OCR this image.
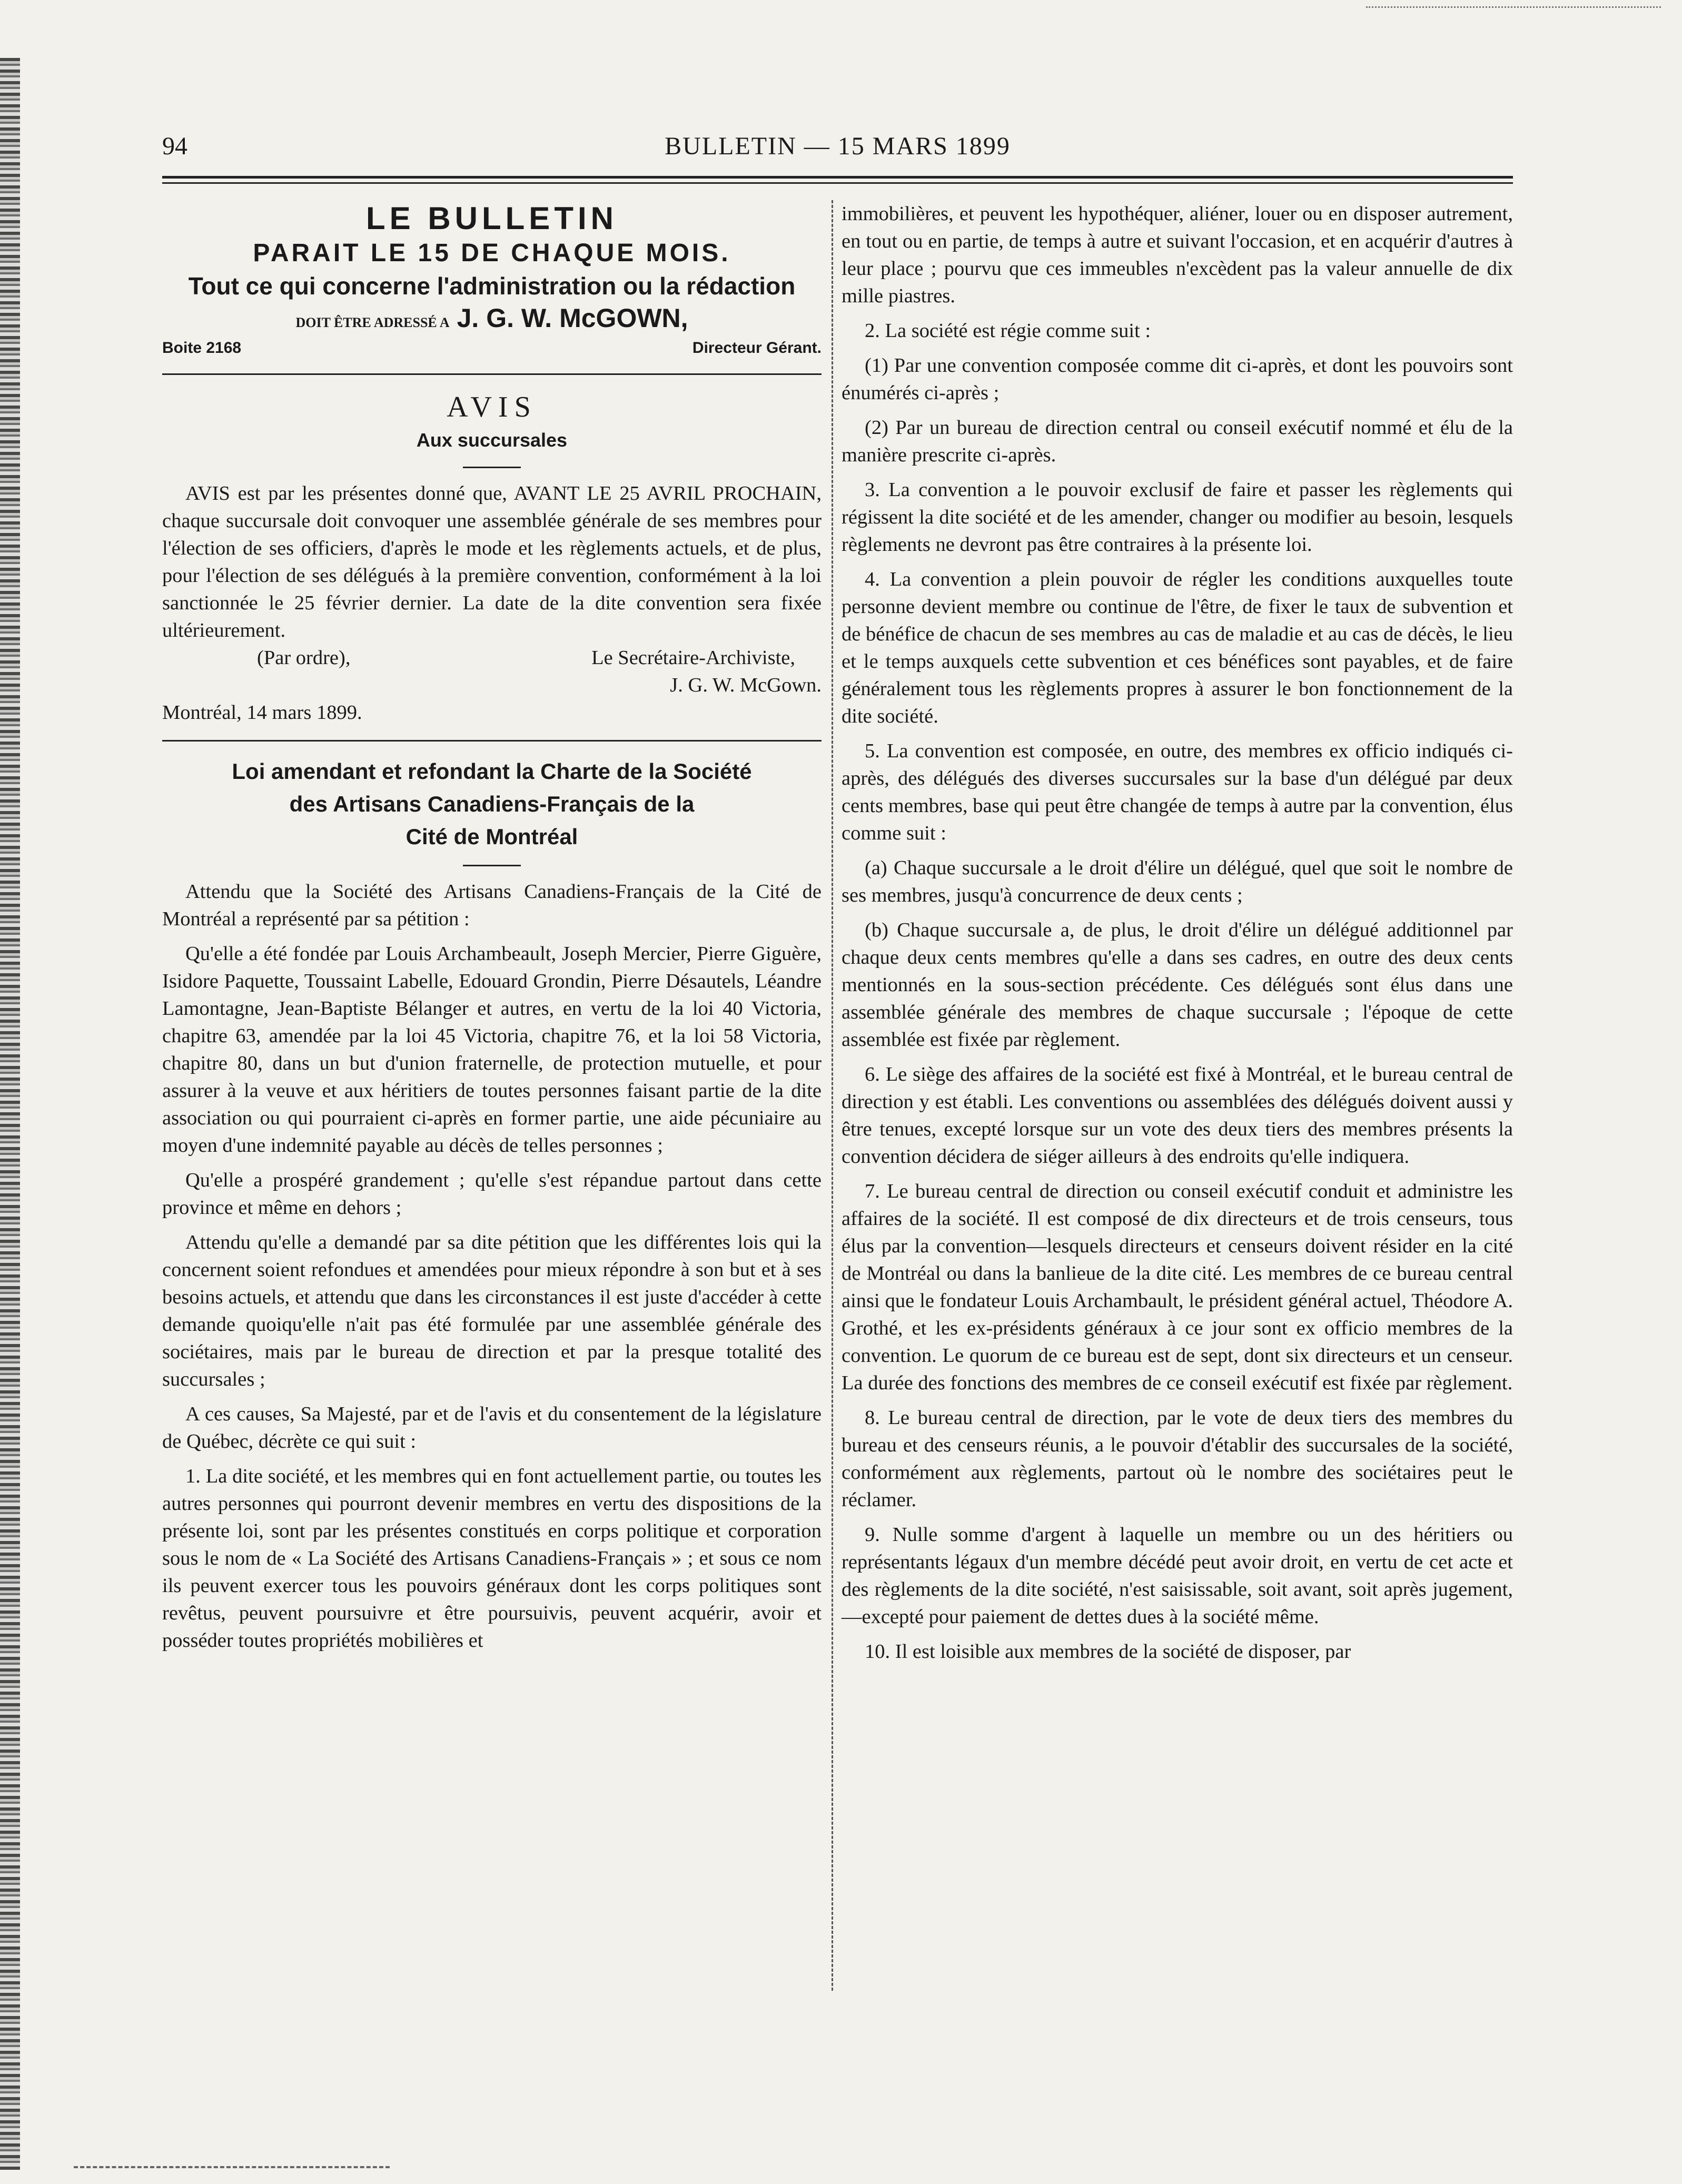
94	BULLETIN — 15 MARS 1899
LE BULLETIN
PARAIT LE 15 DE CHAQUE MOIS.
Tout ce qui concerne l'administration ou la rédaction
DOIT ÊTRE ADRESSÉ A J. G. W. McGOWN,
Boite 2168	Directeur Gérant.
AVIS
Aux succursales

AVIS est par les présentes donné que, AVANT LE 25 AVRIL PROCHAIN, chaque succursale doit convoquer une assemblée générale de ses membres pour l'élection de ses officiers, d'après le mode et les règlements actuels, et de plus, pour l'élection de ses délégués à la première convention, conformément à la loi sanctionnée le 25 février dernier. La date de la dite convention sera fixée ultérieurement.

(Par ordre),	Le Secrétaire-Archiviste,
J. G. W. McGown.
Montréal, 14 mars 1899.
Loi amendant et refondant la Charte de la Société
des Artisans Canadiens-Français de la
Cité de Montréal

Attendu que la Société des Artisans Canadiens-Français de la Cité de Montréal a représenté par sa pétition :

Qu'elle a été fondée par Louis Archambeault, Joseph Mercier, Pierre Giguère, Isidore Paquette, Toussaint Labelle, Edouard Grondin, Pierre Désautels, Léandre Lamontagne, Jean-Baptiste Bélanger et autres, en vertu de la loi 40 Victoria, chapitre 63, amendée par la loi 45 Victoria, chapitre 76, et la loi 58 Victoria, chapitre 80, dans un but d'union fraternelle, de protection mutuelle, et pour assurer à la veuve et aux héritiers de toutes personnes faisant partie de la dite association ou qui pourraient ci-après en former partie, une aide pécuniaire au moyen d'une indemnité payable au décès de telles personnes ;

Qu'elle a prospéré grandement ; qu'elle s'est répandue partout dans cette province et même en dehors ;

Attendu qu'elle a demandé par sa dite pétition que les différentes lois qui la concernent soient refondues et amendées pour mieux répondre à son but et à ses besoins actuels, et attendu que dans les circonstances il est juste d'accéder à cette demande quoiqu'elle n'ait pas été formulée par une assemblée générale des sociétaires, mais par le bureau de direction et par la presque totalité des succursales ;

A ces causes, Sa Majesté, par et de l'avis et du consentement de la législature de Québec, décrète ce qui suit :

1. La dite société, et les membres qui en font actuellement partie, ou toutes les autres personnes qui pourront devenir membres en vertu des dispositions de la présente loi, sont par les présentes constitués en corps politique et corporation sous le nom de « La Société des Artisans Canadiens-Français » ; et sous ce nom ils peuvent exercer tous les pouvoirs généraux dont les corps politiques sont revêtus, peuvent poursuivre et être poursuivis, peuvent acquérir, avoir et posséder toutes propriétés mobilières et

immobilières, et peuvent les hypothéquer, aliéner, louer ou en disposer autrement, en tout ou en partie, de temps à autre et suivant l'occasion, et en acquérir d'autres à leur place ; pourvu que ces immeubles n'excèdent pas la valeur annuelle de dix mille piastres.

2. La société est régie comme suit :

(1) Par une convention composée comme dit ci-après, et dont les pouvoirs sont énumérés ci-après ;

(2) Par un bureau de direction central ou conseil exécutif nommé et élu de la manière prescrite ci-après.

3. La convention a le pouvoir exclusif de faire et passer les règlements qui régissent la dite société et de les amender, changer ou modifier au besoin, lesquels règlements ne devront pas être contraires à la présente loi.

4. La convention a plein pouvoir de régler les conditions auxquelles toute personne devient membre ou continue de l'être, de fixer le taux de subvention et de bénéfice de chacun de ses membres au cas de maladie et au cas de décès, le lieu et le temps auxquels cette subvention et ces bénéfices sont payables, et de faire généralement tous les règlements propres à assurer le bon fonctionnement de la dite société.

5. La convention est composée, en outre, des membres ex officio indiqués ci-après, des délégués des diverses succursales sur la base d'un délégué par deux cents membres, base qui peut être changée de temps à autre par la convention, élus comme suit :

(a) Chaque succursale a le droit d'élire un délégué, quel que soit le nombre de ses membres, jusqu'à concurrence de deux cents ;

(b) Chaque succursale a, de plus, le droit d'élire un délégué additionnel par chaque deux cents membres qu'elle a dans ses cadres, en outre des deux cents mentionnés en la sous-section précédente. Ces délégués sont élus dans une assemblée générale des membres de chaque succursale ; l'époque de cette assemblée est fixée par règlement.

6. Le siège des affaires de la société est fixé à Montréal, et le bureau central de direction y est établi. Les conventions ou assemblées des délégués doivent aussi y être tenues, excepté lorsque sur un vote des deux tiers des membres présents la convention décidera de siéger ailleurs à des endroits qu'elle indiquera.

7. Le bureau central de direction ou conseil exécutif conduit et administre les affaires de la société. Il est composé de dix directeurs et de trois censeurs, tous élus par la convention—lesquels directeurs et censeurs doivent résider en la cité de Montréal ou dans la banlieue de la dite cité. Les membres de ce bureau central ainsi que le fondateur Louis Archambault, le président général actuel, Théodore A. Grothé, et les ex-présidents généraux à ce jour sont ex officio membres de la convention. Le quorum de ce bureau est de sept, dont six directeurs et un censeur. La durée des fonctions des membres de ce conseil exécutif est fixée par règlement.

8. Le bureau central de direction, par le vote de deux tiers des membres du bureau et des censeurs réunis, a le pouvoir d'établir des succursales de la société, conformément aux règlements, partout où le nombre des sociétaires peut le réclamer.

9. Nulle somme d'argent à laquelle un membre ou un des héritiers ou représentants légaux d'un membre décédé peut avoir droit, en vertu de cet acte et des règlements de la dite société, n'est saisissable, soit avant, soit après jugement,—excepté pour paiement de dettes dues à la société même.

10. Il est loisible aux membres de la société de disposer, par
